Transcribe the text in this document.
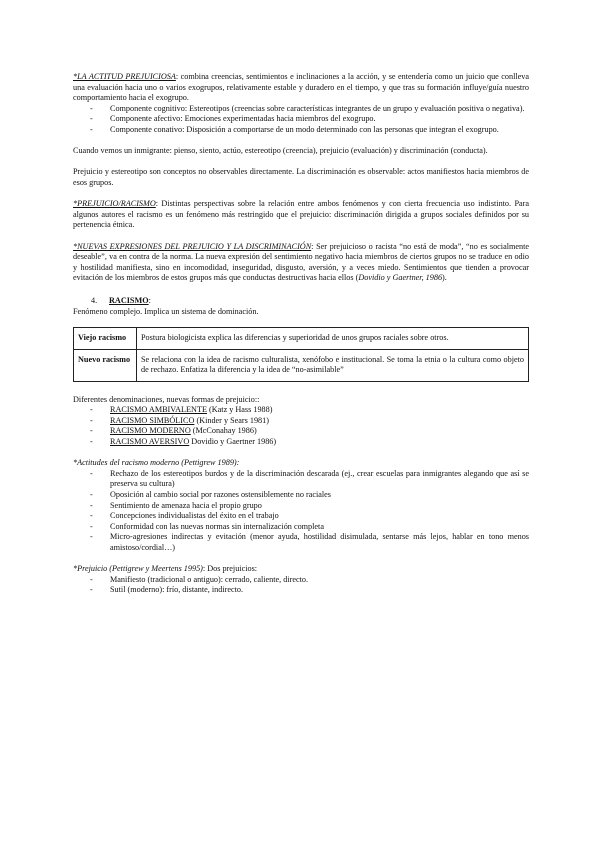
*LA ACTITUD PREJUICIOSA: combina creencias, sentimientos e inclinaciones a la acción, y se entendería como un juicio que conlleva una evaluación hacia uno o varios exogrupos, relativamente estable y duradero en el tiempo, y que tras su formación influye/guía nuestro comportamiento hacia el exogrupo.

- Componente cognitivo: Estereotipos (creencias sobre características integrantes de un grupo y evaluación positiva o negativa).
- Componente afectivo: Emociones experimentadas hacia miembros del exogrupo.
- Componente conativo: Disposición a comportarse de un modo determinado con las personas que integran el exogrupo.

Cuando vemos un inmigrante: pienso, siento, actúo, estereotipo (creencia), prejuicio (evaluación) y discriminación (conducta).

Prejuicio y estereotipo son conceptos no observables directamente. La discriminación es observable: actos manifiestos hacia miembros de esos grupos.

*PREJUICIO/RACISMO: Distintas perspectivas sobre la relación entre ambos fenómenos y con cierta frecuencia uso indistinto. Para algunos autores el racismo es un fenómeno más restringido que el prejuicio: discriminación dirigida a grupos sociales definidos por su pertenencia étnica.

*NUEVAS EXPRESIONES DEL PREJUICIO Y LA DISCRIMINACIÓN: Ser prejuicioso o racista “no está de moda”, “no es socialmente deseable”, va en contra de la norma. La nueva expresión del sentimiento negativo hacia miembros de ciertos grupos no se traduce en odio y hostilidad manifiesta, sino en incomodidad, inseguridad, disgusto, aversión, y a veces miedo. Sentimientos que tienden a provocar evitación de los miembros de estos grupos más que conductas destructivas hacia ellos (Dovidio y Gaertner, 1986).

4. RACISMO:

Fenómeno complejo. Implica un sistema de dominación.

Viejo racismo	Postura biologicista explica las diferencias y superioridad de unos grupos raciales sobre otros.
Nuevo racismo	Se relaciona con la idea de racismo culturalista, xenófobo e institucional. Se toma la etnia o la cultura como objeto de rechazo. Enfatiza la diferencia y la idea de “no-asimilable”

Diferentes denominaciones, nuevas formas de prejuicio::

- RACISMO AMBIVALENTE (Katz y Hass 1988)
- RACISMO SIMBÓLICO (Kinder y Sears 1981)
- RACISMO MODERNO (McConahay 1986)
- RACISMO AVERSIVO Dovidio y Gaertner 1986)

*Actitudes del racismo moderno (Pettigrew 1989):

- Rechazo de los estereotipos burdos y de la discriminación descarada (ej., crear escuelas para inmigrantes alegando que así se preserva su cultura)
- Oposición al cambio social por razones ostensiblemente no raciales
- Sentimiento de amenaza hacia el propio grupo
- Concepciones individualistas del éxito en el trabajo
- Conformidad con las nuevas normas sin internalización completa
- Micro-agresiones indirectas y evitación (menor ayuda, hostilidad disimulada, sentarse más lejos, hablar en tono menos amistoso/cordial…)

*Prejuicio (Pettigrew y Meertens 1995): Dos prejuicios:

- Manifiesto (tradicional o antiguo): cerrado, caliente, directo.
- Sutil (moderno): frío, distante, indirecto.
